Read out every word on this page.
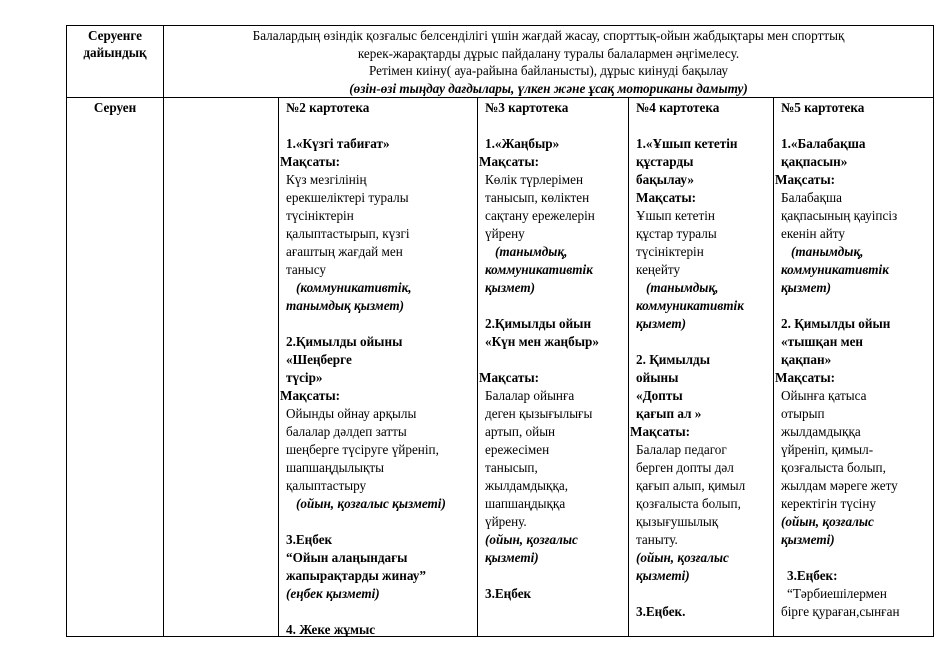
Серуенге дайындық
Балалардың өзіндік қозғалыс белсенділігі үшін жағдай жасау, спорттық-ойын жабдықтары мен спорттық
керек-жарақтарды дұрыс пайдалану туралы балалармен әңгімелесу.
Ретімен киіну( ауа-райына байланысты), дұрыс киінуді бақылау
(өзін-өзі тыңдау дағдылары, үлкен және ұсақ моториканы дамыту)
Серуен	№2 картотека
1.«Күзгі табиғат»
Мақсаты:
Күз мезгілінің
ерекшеліктері туралы
түсініктерін
қалыптастырып, күзгі
ағаштың жағдай мен
танысу
(коммуникативтік,
танымдық қызмет)
2.Қимылды ойыны
«Шеңберге
түсір»
Мақсаты:
Ойынды ойнау арқылы
балалар дәлдеп затты
шеңберге түсіруге үйреніп,
шапшаңдылықты
қалыптастыру
(ойын, қозғалыс қызметі)
3.Еңбек
“Ойын алаңындағы
жапырақтарды жинау”
(еңбек қызметі)
4. Жеке жұмыс
№3 картотека
1.«Жаңбыр»
Мақсаты:
Көлік түрлерімен
танысып, көліктен
сақтану ережелерін
үйрену
(танымдық,
коммуникативтік
қызмет)
2.Қимылды ойын
«Күн мен жаңбыр»
Мақсаты:
Балалар ойынға
деген қызығылығы
артып, ойын
ережесімен
танысып,
жылдамдыққа,
шапшаңдыққа
үйрену.
(ойын, қозғалыс
қызметі)
3.Еңбек
№4 картотека
1.«Ұшып кететін
құстарды
бақылау»
Мақсаты:
Ұшып кететін
құстар туралы
түсініктерін
кеңейту
(танымдық,
коммуникативтік
қызмет)
2. Қимылды
ойыны
«Допты
қағып ал »
Мақсаты:
Балалар педагог
берген допты дәл
қағып алып, қимыл
қозғалыста болып,
қызығушылық
таныту.
(ойын, қозғалыс
қызметі)
3.Еңбек.
№5 картотека
1.«Балабақша
қақпасын»
Мақсаты:
Балабақша
қақпасының қауіпсіз
екенін айту
(танымдық,
коммуникативтік
қызмет)
2. Қимылды ойын
«тышқан мен
қақпан»
Мақсаты:
Ойынға қатыса
отырып
жылдамдыққа
үйреніп, қимыл-
қозғалыста болып,
жылдам мәреге жету
керектігін түсіну
(ойын, қозғалыс
қызметі)
3.Еңбек:
“Тәрбиешілермен
бірге қураған,сынған
